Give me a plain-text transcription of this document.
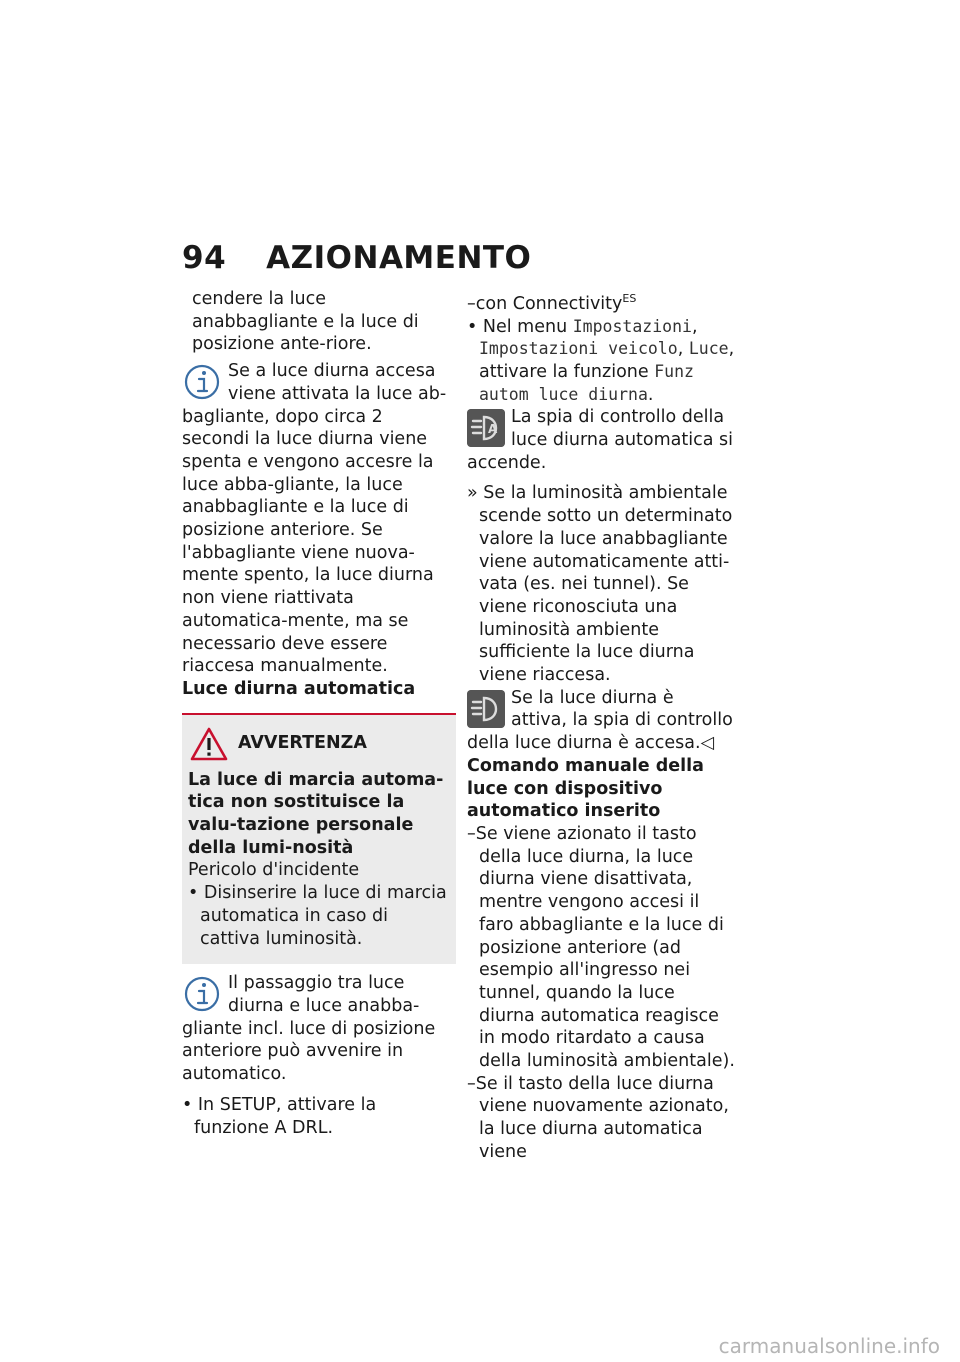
94 AZIONAMENTO

cendere la luce anabbagliante e la luce di posizione ante-riore.

Se a luce diurna accesa viene attivata la luce ab-bagliante, dopo circa 2 secondi la luce diurna viene spenta e vengono accesre la luce abba-gliante, la luce anabbagliante e la luce di posizione anteriore. Se l'abbagliante viene nuova-mente spento, la luce diurna non viene riattivata automatica-mente, ma se necessario deve essere riaccesa manualmente.

Luce diurna automatica

AVVERTENZA

La luce di marcia automa-tica non sostituisce la valu-tazione personale della lumi-nosità

Pericolo d'incidente

• Disinserire la luce di marcia automatica in caso di cattiva luminosità.

Il passaggio tra luce diurna e luce anabba-gliante incl. luce di posizione anteriore può avvenire in automatico.

• In SETUP, attivare la funzione A DRL.

–con Connectivity$^{ES}$

• Nel menu Impostazioni, Impostazioni veicolo, Luce, attivare la funzione Funz autom luce diurna.

A

La spia di controllo della luce diurna automatica si accende.

» Se la luminosità ambientale scende sotto un determinato valore la luce anabbagliante viene automaticamente atti-vata (es. nei tunnel). Se viene riconosciuta una luminosità ambiente sufficiente la luce diurna viene riaccesa.

Se la luce diurna è attiva, la spia di controllo della luce diurna è accesa.◁

Comando manuale della luce con dispositivo automatico inserito

–Se viene azionato il tasto della luce diurna, la luce diurna viene disattivata, mentre vengono accesi il faro abbagliante e la luce di posizione anteriore (ad esempio all'ingresso nei tunnel, quando la luce diurna automatica reagisce in modo ritardato a causa della luminosità ambientale).

–Se il tasto della luce diurna viene nuovamente azionato, la luce diurna automatica viene

carmanualsonline.info
